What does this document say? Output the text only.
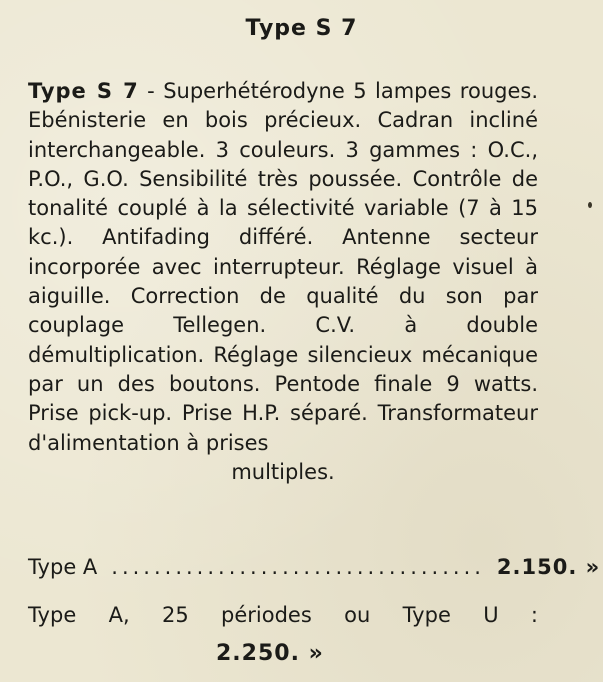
Type S 7

Type S 7 - Superhétérodyne 5 lampes rouges. Ebénisterie en bois précieux. Cadran incliné interchangeable. 3 couleurs. 3 gammes : O.C., P.O., G.O. Sensibilité très poussée. Contrôle de tonalité couplé à la sélectivité variable (7 à 15 kc.). Antifading différé. Antenne secteur incorporée avec interrupteur. Réglage visuel à aiguille. Correction de qualité du son par couplage Tellegen. C.V. à double démultiplication. Réglage silencieux mécanique par un des boutons. Pentode finale 9 watts. Prise pick-up. Prise H.P. séparé. Transformateur d'alimentation à prises
multiples.

Type A ................................... 2.150. »
Type A, 25 périodes ou Type U :
2.250. »
